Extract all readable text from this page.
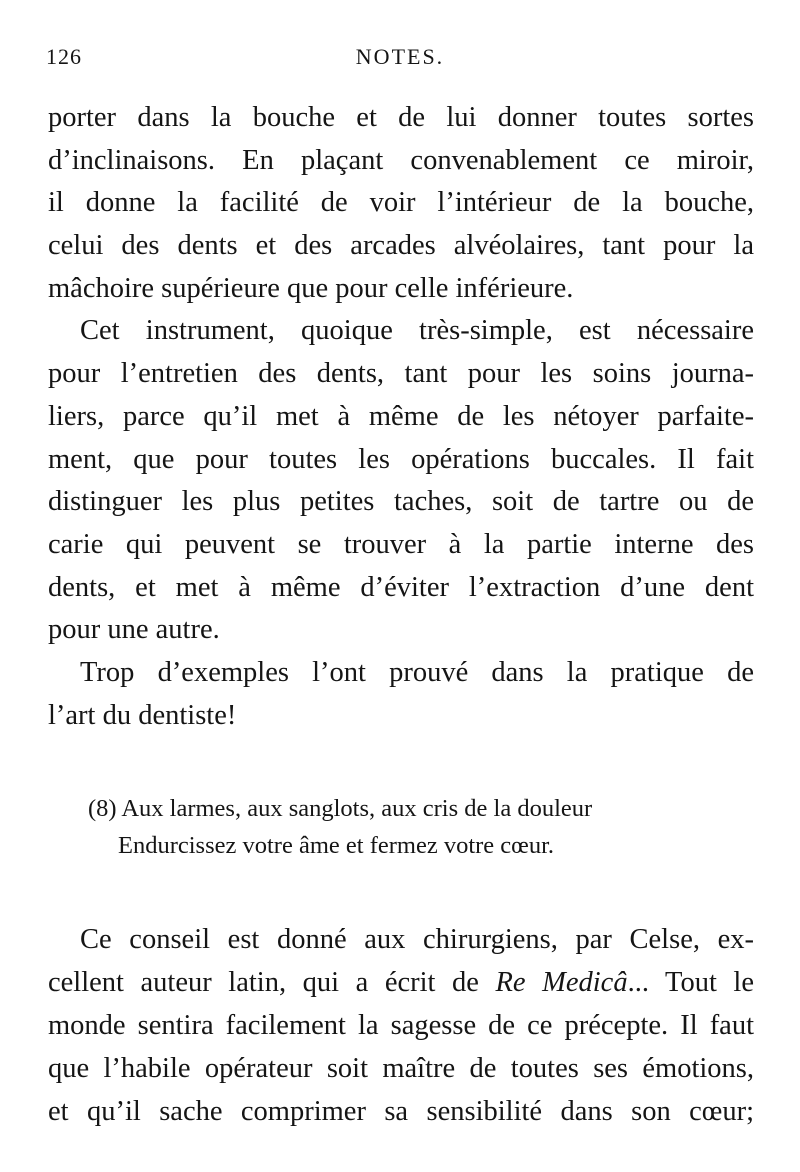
126	NOTES.
porter dans la bouche et de lui donner toutes sortes
d’inclinaisons. En plaçant convenablement ce miroir,
il donne la facilité de voir l’intérieur de la bouche,
celui des dents et des arcades alvéolaires, tant pour la
mâchoire supérieure que pour celle inférieure.
Cet instrument, quoique très-simple, est nécessaire
pour l’entretien des dents, tant pour les soins journa-
liers, parce qu’il met à même de les nétoyer parfaite-
ment, que pour toutes les opérations buccales. Il fait
distinguer les plus petites taches, soit de tartre ou de
carie qui peuvent se trouver à la partie interne des
dents, et met à même d’éviter l’extraction d’une dent
pour une autre.
Trop d’exemples l’ont prouvé dans la pratique de
l’art du dentiste!
(8) Aux larmes, aux sanglots, aux cris de la douleur
Endurcissez votre âme et fermez votre cœur.
Ce conseil est donné aux chirurgiens, par Celse, ex-
cellent auteur latin, qui a écrit de Re Medicâ... Tout le
monde sentira facilement la sagesse de ce précepte. Il faut
que l’habile opérateur soit maître de toutes ses émotions,
et qu’il sache comprimer sa sensibilité dans son cœur;
